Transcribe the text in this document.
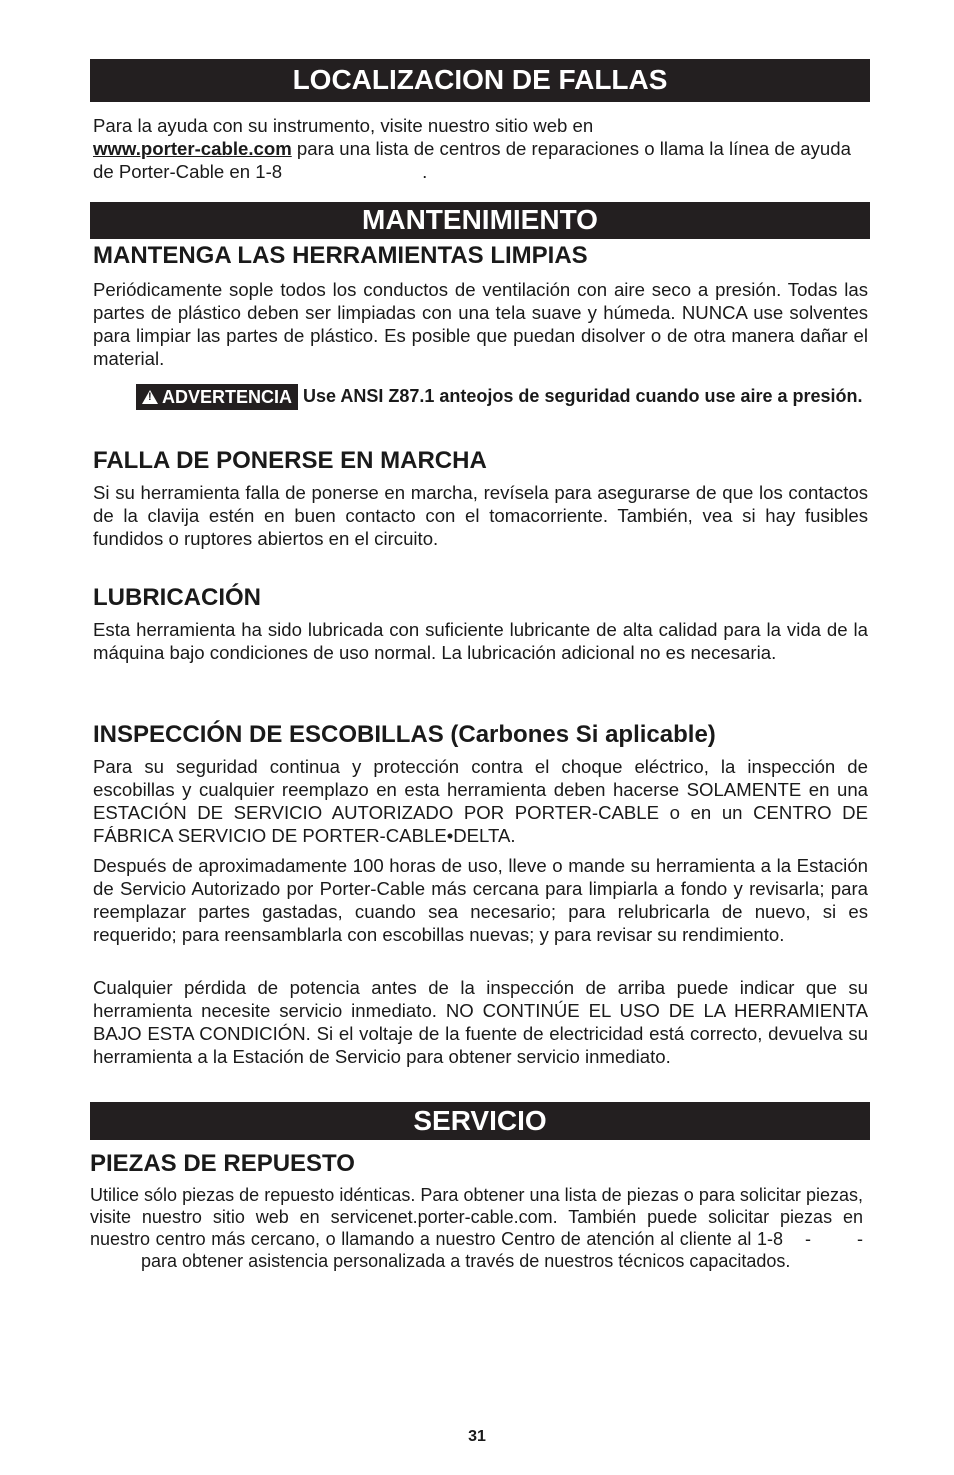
LOCALIZACION DE FALLAS

Para la ayuda con su instrumento, visite nuestro sitio web en
www.porter-cable.com para una lista de centros de reparaciones o llama la línea de ayuda de Porter-Cable en 1-8	.

MANTENIMIENTO
MANTENGA LAS HERRAMIENTAS LIMPIAS

Periódicamente sople todos los conductos de ventilación con aire seco a presión. Todas las partes de plástico deben ser limpiadas con una tela suave y húmeda. NUNCA use solventes para limpiar las partes de plástico. Es posible que puedan disolver o de otra manera dañar el material.

!ADVERTENCIA Use ANSI Z87.1 anteojos de seguridad cuando use aire a presión.

FALLA DE PONERSE EN MARCHA

Si su herramienta falla de ponerse en marcha, revísela para asegurarse de que los contactos de la clavija estén en buen contacto con el tomacorriente. También, vea si hay fusibles fundidos o ruptores abiertos en el circuito.

LUBRICACIÓN

Esta herramienta ha sido lubricada con suficiente lubricante de alta calidad para la vida de la máquina bajo condiciones de uso normal. La lubricación adicional no es necesaria.

INSPECCIÓN DE ESCOBILLAS (Carbones Si aplicable)

Para su seguridad continua y protección contra el choque eléctrico, la inspección de escobillas y cualquier reemplazo en esta herramienta deben hacerse SOLAMENTE en una ESTACIÓN DE SERVICIO AUTORIZADO POR PORTER-CABLE o en un CENTRO DE FÁBRICA SERVICIO DE PORTER-CABLE•DELTA.

Después de aproximadamente 100 horas de uso, lleve o mande su herramienta a la Estación de Servicio Autorizado por Porter-Cable más cercana para limpiarla a fondo y revisarla; para reemplazar partes gastadas, cuando sea necesario; para relubricarla de nuevo, si es requerido; para reensamblarla con escobillas nuevas; y para revisar su rendimiento.

Cualquier pérdida de potencia antes de la inspección de arriba puede indicar que su herramienta necesite servicio inmediato. NO CONTINÚE EL USO DE LA HERRAMIENTA BAJO ESTA CONDICIÓN. Si el voltaje de la fuente de electricidad está correcto, devuelva su herramienta a la Estación de Servicio para obtener servicio inmediato.

SERVICIO
PIEZAS DE REPUESTO

Utilice sólo piezas de repuesto idénticas. Para obtener una lista de piezas o para solicitar piezas, visite nuestro sitio web en servicenet.porter-cable.com. También puede solicitar piezas en nuestro centro más cercano, o llamando a nuestro Centro de atención al cliente al 1-8 -	- para obtener asistencia personalizada a través de nuestros técnicos capacitados.

31
